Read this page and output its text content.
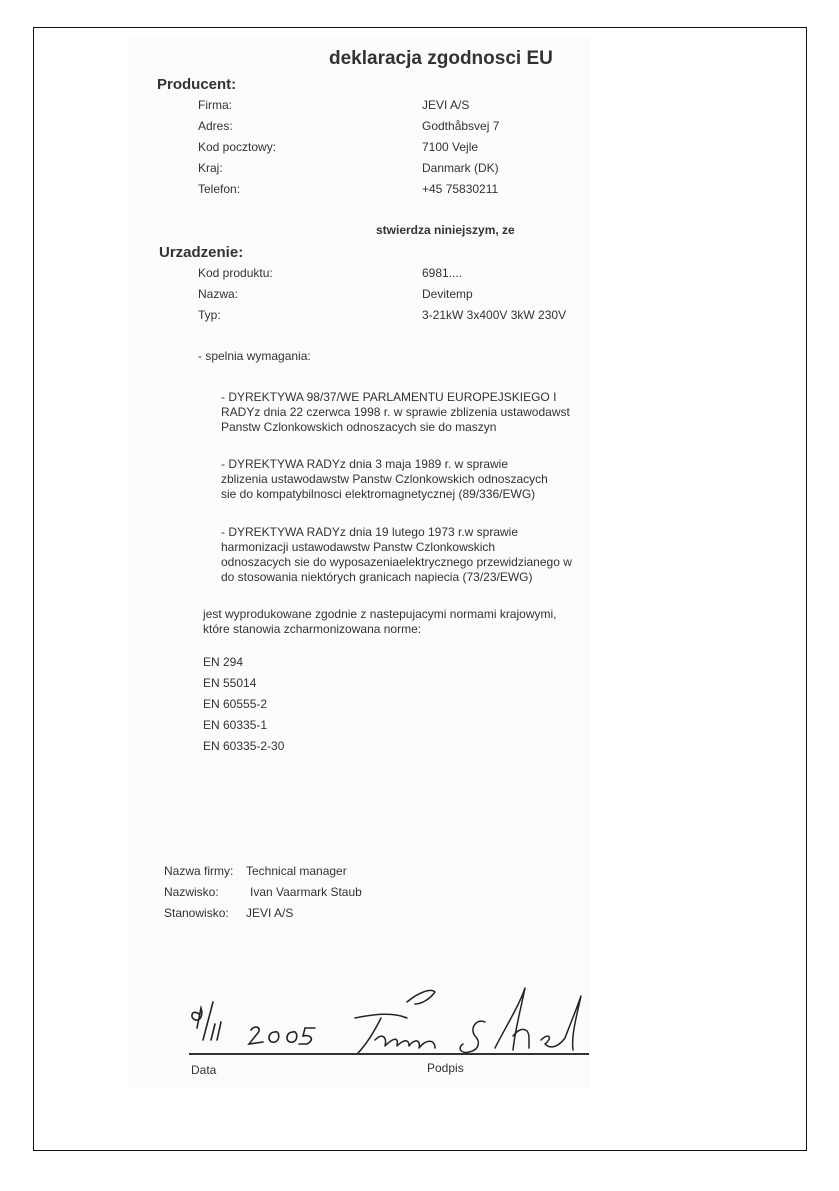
deklaracja zgodnosci EU
Producent:
Firma:	JEVI A/S
Adres:	Godthåbsvej 7
Kod pocztowy:	7100 Vejle
Kraj:	Danmark (DK)
Telefon:	+45 75830211
stwierdza niniejszym, ze
Urzadzenie:
Kod produktu:	6981....
Nazwa:	Devitemp
Typ:	3-21kW 3x400V 3kW 230V
- spelnia wymagania:
- DYREKTYWA 98/37/WE PARLAMENTU EUROPEJSKIEGO I
RADYz dnia 22 czerwca 1998 r. w sprawie zblizenia ustawodawst
Panstw Czlonkowskich odnoszacych sie do maszyn
- DYREKTYWA RADYz dnia 3 maja 1989 r. w sprawie
zblizenia ustawodawstw Panstw Czlonkowskich odnoszacych
sie do kompatybilnosci elektromagnetycznej (89/336/EWG)
- DYREKTYWA RADYz dnia 19 lutego 1973 r.w sprawie
harmonizacji ustawodawstw Panstw Czlonkowskich
odnoszacych sie do wyposazeniaelektrycznego przewidzianego w
do stosowania niektórych granicach napiecia (73/23/EWG)
jest wyprodukowane zgodnie z nastepujacymi normami krajowymi,
które stanowia zcharmonizowana norme:
EN 294
EN 55014
EN 60555-2
EN 60335-1
EN 60335-2-30
Nazwa firmy: Technical manager
Nazwisko:	Ivan Vaarmark Staub
Stanowisko: JEVI A/S
Data	Podpis
